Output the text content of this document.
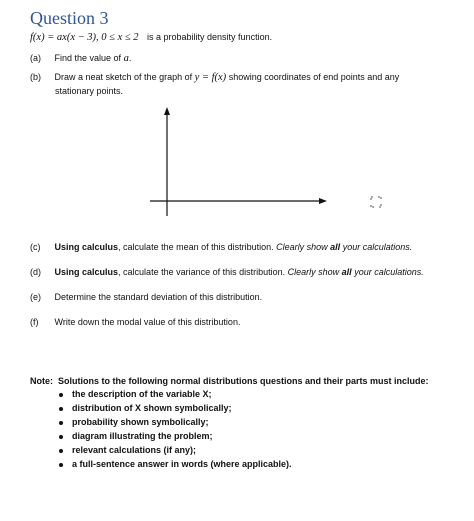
Question 3
f(x) = ax(x − 3), 0 ≤ x ≤ 2 is a probability density function.
(a) Find the value of a.
(b) Draw a neat sketch of the graph of y = f(x) showing coordinates of end points and any
stationary points.
(c) Using calculus, calculate the mean of this distribution. Clearly show all your calculations.
(d) Using calculus, calculate the variance of this distribution. Clearly show all your calculations.
(e) Determine the standard deviation of this distribution.
(f) Write down the modal value of this distribution.
Note: Solutions to the following normal distributions questions and their parts must include:
the description of the variable X;
distribution of X shown symbolically;
probability shown symbolically;
diagram illustrating the problem;
relevant calculations (if any);
a full-sentence answer in words (where applicable).
